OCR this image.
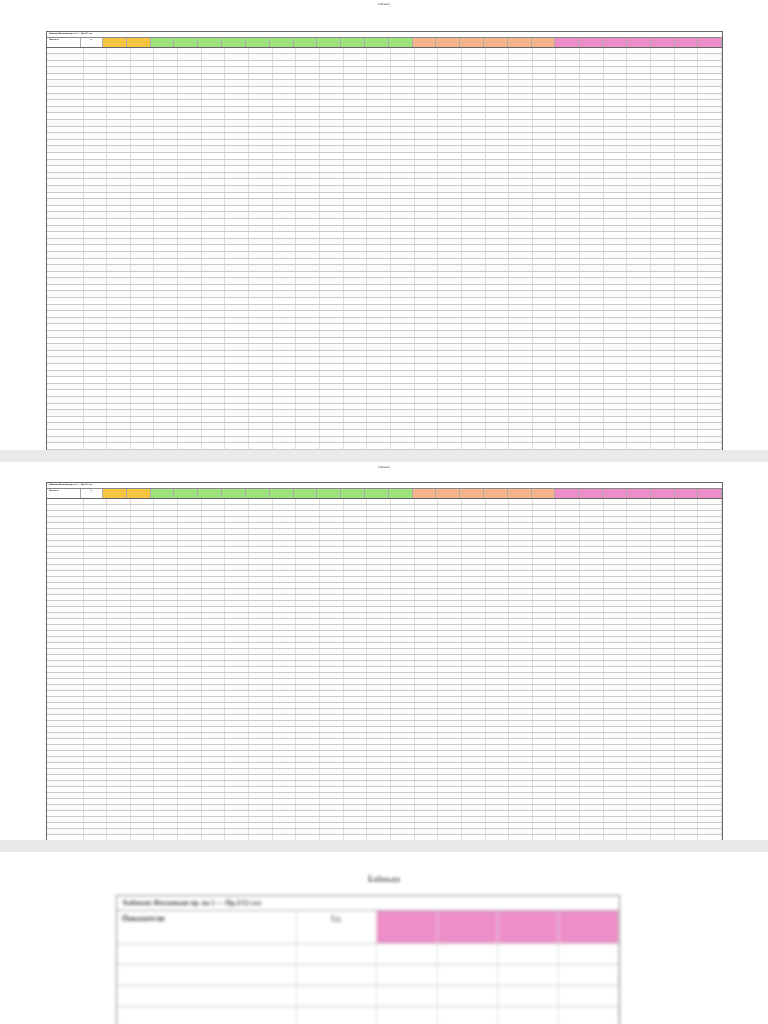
Баймыш
Баймыш Жиланкаш пр. на 1 — Пр.2/12 сал
Показатели	Ед.
Баймыш
Баймыш Жиланкаш пр. на 1 — Пр.2/12 сал
Показатели	Ед.
Баймыш
Баймыш Жиланкаш пр. на 1 — Пр.2/12 сал
Показатели	Ед.
